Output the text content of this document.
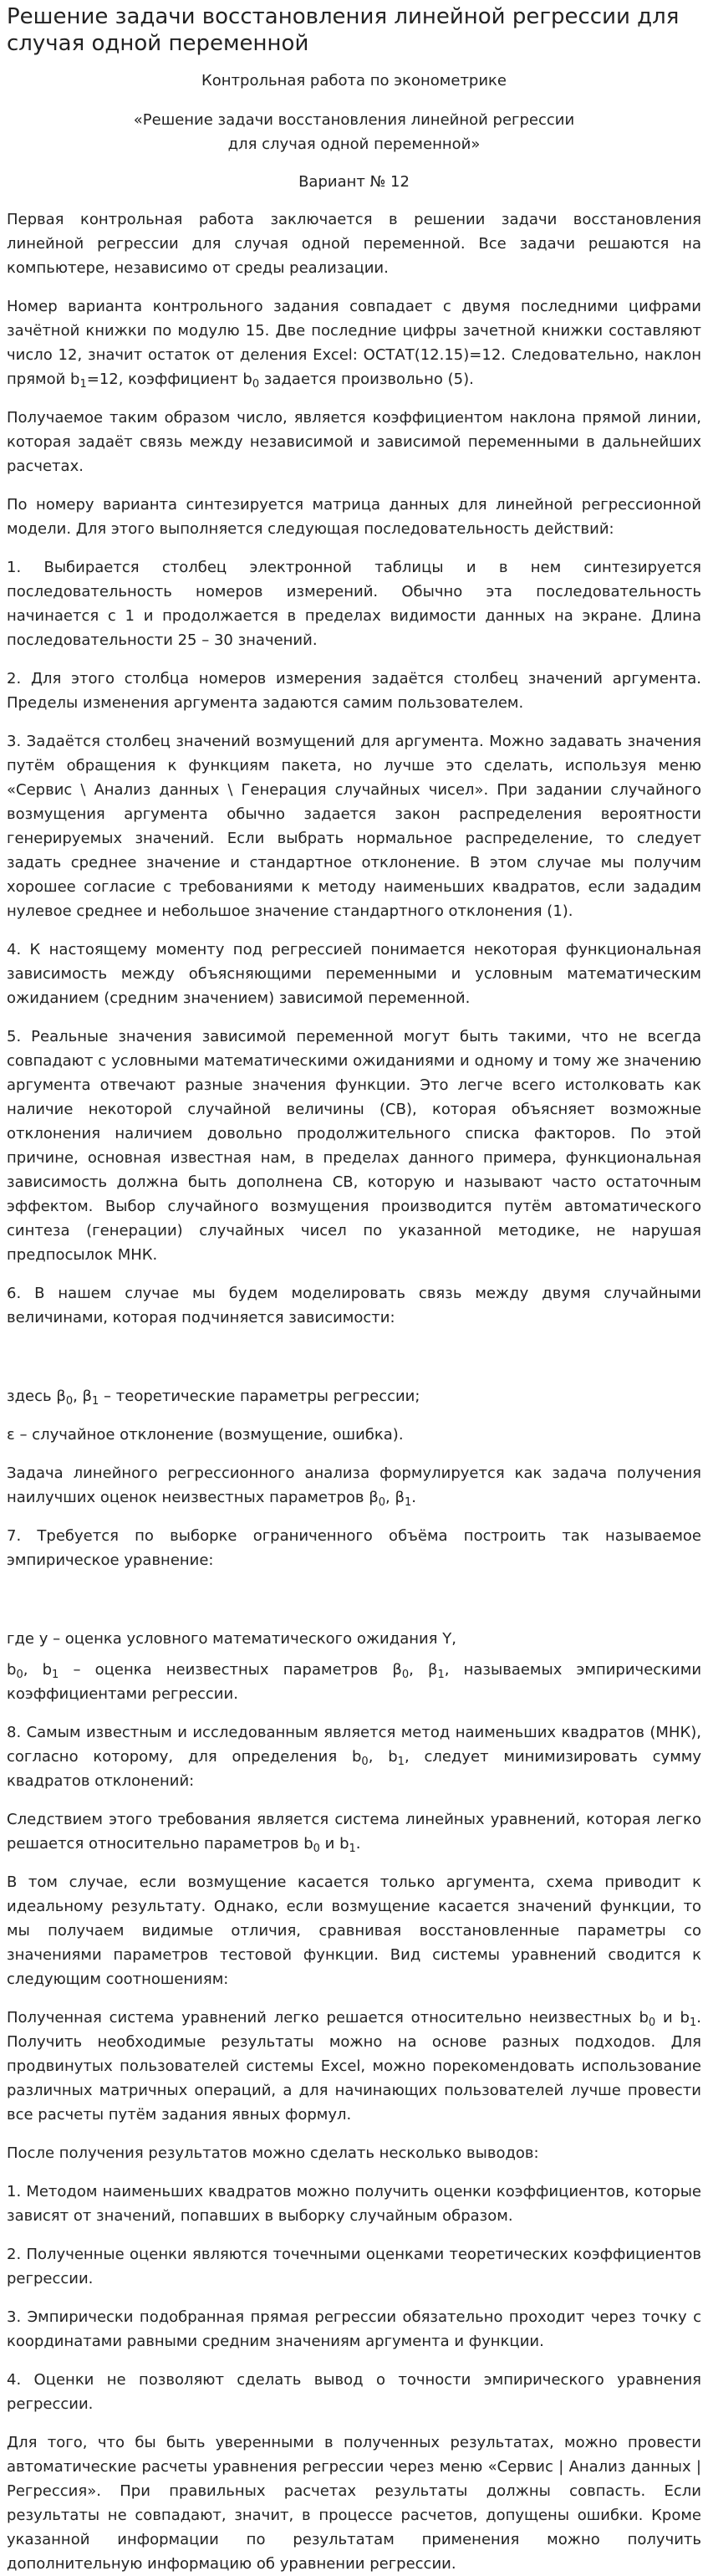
Решение задачи восстановления линейной регрессии для случая одной переменной
Контрольная работа по эконометрике
«Решение задачи восстановления линейной регрессии
для случая одной переменной»
Вариант № 12

Первая контрольная работа заключается в решении задачи восстановления линейной регрессии для случая одной переменной. Все задачи решаются на компьютере, независимо от среды реализации.

Номер варианта контрольного задания совпадает с двумя последними цифрами зачётной книжки по модулю 15. Две последние цифры зачетной книжки составляют число 12, значит остаток от деления Excel: ОСТАТ(12.15)=12. Следовательно, наклон прямой $b_1=12$, коэффициент $b_0$ задается произвольно (5).

Получаемое таким образом число, является коэффициентом наклона прямой линии, которая задаёт связь между независимой и зависимой переменными в дальнейших расчетах.

По номеру варианта синтезируется матрица данных для линейной регрессионной модели. Для этого выполняется следующая последовательность действий:

1. Выбирается столбец электронной таблицы и в нем синтезируется последовательность номеров измерений. Обычно эта последовательность начинается с 1 и продолжается в пределах видимости данных на экране. Длина последовательности 25 – 30 значений.

2. Для этого столбца номеров измерения задаётся столбец значений аргумента. Пределы изменения аргумента задаются самим пользователем.

3. Задаётся столбец значений возмущений для аргумента. Можно задавать значения путём обращения к функциям пакета, но лучше это сделать, используя меню «Сервис \ Анализ данных \ Генерация случайных чисел». При задании случайного возмущения аргумента обычно задается закон распределения вероятности генерируемых значений. Если выбрать нормальное распределение, то следует задать среднее значение и стандартное отклонение. В этом случае мы получим хорошее согласие с требованиями к методу наименьших квадратов, если зададим нулевое среднее и небольшое значение стандартного отклонения (1).

4. К настоящему моменту под регрессией понимается некоторая функциональная зависимость между объясняющими переменными и условным математическим ожиданием (средним значением) зависимой переменной.

5. Реальные значения зависимой переменной могут быть такими, что не всегда совпадают с условными математическими ожиданиями и одному и тому же значению аргумента отвечают разные значения функции. Это легче всего истолковать как наличие некоторой случайной величины (СВ), которая объясняет возможные отклонения наличием довольно продолжительного списка факторов. По этой причине, основная известная нам, в пределах данного примера, функциональная зависимость должна быть дополнена СВ, которую и называют часто остаточным эффектом. Выбор случайного возмущения производится путём автоматического синтеза (генерации) случайных чисел по указанной методике, не нарушая предпосылок МНК.

6. В нашем случае мы будем моделировать связь между двумя случайными величинами, которая подчиняется зависимости:

здесь $\beta_0$, $\beta_1$ – теоретические параметры регрессии;

ε – случайное отклонение (возмущение, ошибка).

Задача линейного регрессионного анализа формулируется как задача получения наилучших оценок неизвестных параметров $\beta_0$, $\beta_1$.

7. Требуется по выборке ограниченного объёма построить так называемое эмпирическое уравнение:

где y – оценка условного математического ожидания Y,

$b_0$, $b_1$ – оценка неизвестных параметров $\beta_0$, $\beta_1$, называемых эмпирическими коэффициентами регрессии.

8. Самым известным и исследованным является метод наименьших квадратов (МНК), согласно которому, для определения $b_0$, $b_1$, следует минимизировать сумму квадратов отклонений:

Следствием этого требования является система линейных уравнений, которая легко решается относительно параметров $b_0$ и $b_1$.

В том случае, если возмущение касается только аргумента, схема приводит к идеальному результату. Однако, если возмущение касается значений функции, то мы получаем видимые отличия, сравнивая восстановленные параметры со значениями параметров тестовой функции. Вид системы уравнений сводится к следующим соотношениям:

Полученная система уравнений легко решается относительно неизвестных $b_0$ и $b_1$. Получить необходимые результаты можно на основе разных подходов. Для продвинутых пользователей системы Excel, можно порекомендовать использование различных матричных операций, а для начинающих пользователей лучше провести все расчеты путём задания явных формул.

После получения результатов можно сделать несколько выводов:

1. Методом наименьших квадратов можно получить оценки коэффициентов, которые зависят от значений, попавших в выборку случайным образом.

2. Полученные оценки являются точечными оценками теоретических коэффициентов регрессии.

3. Эмпирически подобранная прямая регрессии обязательно проходит через точку с координатами равными средним значениям аргумента и функции.

4. Оценки не позволяют сделать вывод о точности эмпирического уравнения регрессии.

Для того, что бы быть уверенными в полученных результатах, можно провести автоматические расчеты уравнения регрессии через меню «Сервис | Анализ данных | Регрессия». При правильных расчетах результаты должны совпасть. Если результаты не совпадают, значит, в процессе расчетов, допущены ошибки. Кроме указанной информации по результатам применения можно получить дополнительную информацию об уравнении регрессии.
